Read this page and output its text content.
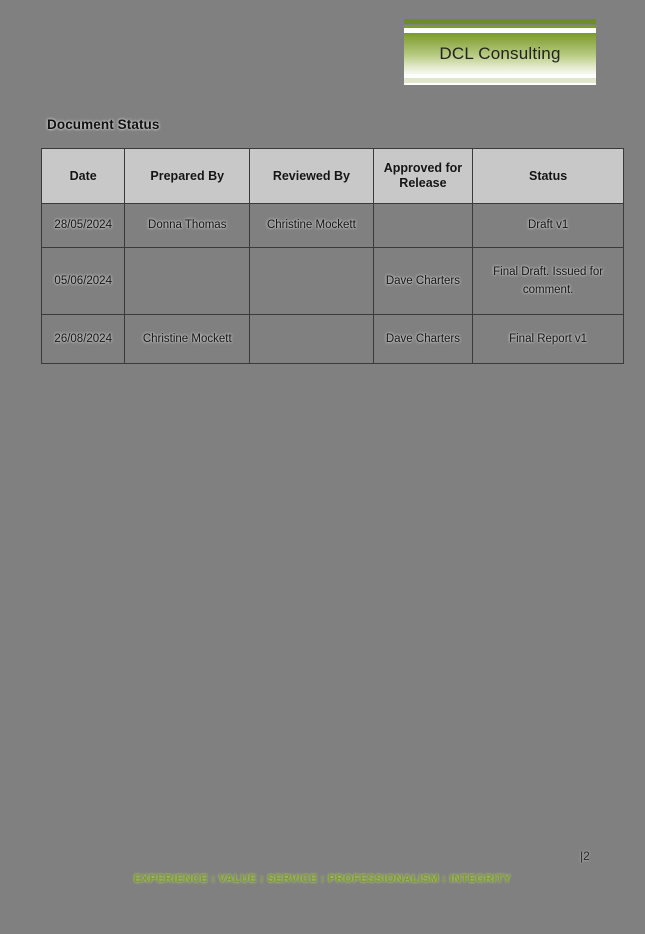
DCL Consulting
Document Status
Date	Prepared By	Reviewed By	Approved for Release	Status
28/05/2024	Donna Thomas	Christine Mockett		Draft v1
05/06/2024			Dave Charters	Final Draft. Issued for comment.
26/08/2024	Christine Mockett		Dave Charters	Final Report v1
|2
EXPERIENCE : VALUE : SERVICE : PROFESSIONALISM : INTEGRITY
